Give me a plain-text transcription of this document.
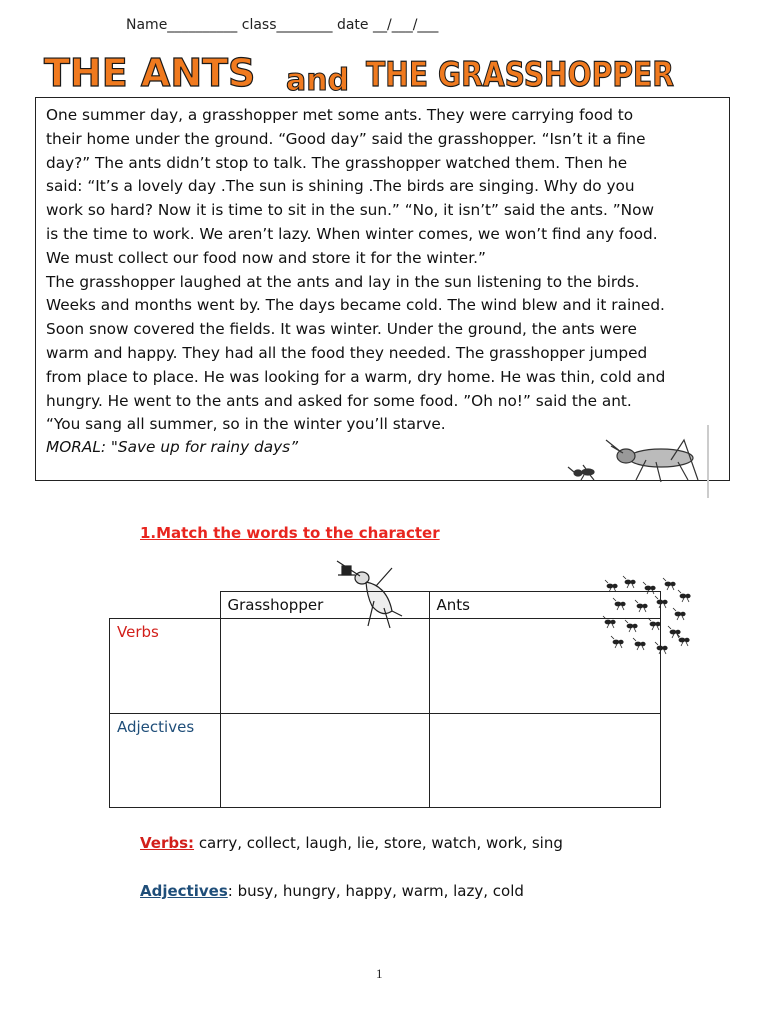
Name__________ class________ date __/___/___
THE ANTS and THE GRASSHOPPER
One summer day, a grasshopper met some ants. They were carrying food to
their home under the ground. “Good day” said the grasshopper. “Isn’t it a fine
day?” The ants didn’t stop to talk. The grasshopper watched them. Then he
said: “It’s a lovely day .The sun is shining .The birds are singing. Why do you
work so hard? Now it is time to sit in the sun.” “No, it isn’t” said the ants. ”Now
is the time to work. We aren’t lazy. When winter comes, we won’t find any food.
We must collect our food now and store it for the winter.”
The grasshopper laughed at the ants and lay in the sun listening to the birds.
Weeks and months went by. The days became cold. The wind blew and it rained.
Soon snow covered the fields. It was winter. Under the ground, the ants were
warm and happy. They had all the food they needed. The grasshopper jumped
from place to place. He was looking for a warm, dry home. He was thin, cold and
hungry. He went to the ants and asked for some food. ”Oh no!” said the ant.
“You sang all summer, so in the winter you’ll starve.
MORAL: "Save up for rainy days”
1.Match the words to the character
	Grasshopper	Ants
Verbs		
Adjectives		
Verbs: carry, collect, laugh, lie, store, watch, work, sing
Adjectives: busy, hungry, happy, warm, lazy, cold
1
